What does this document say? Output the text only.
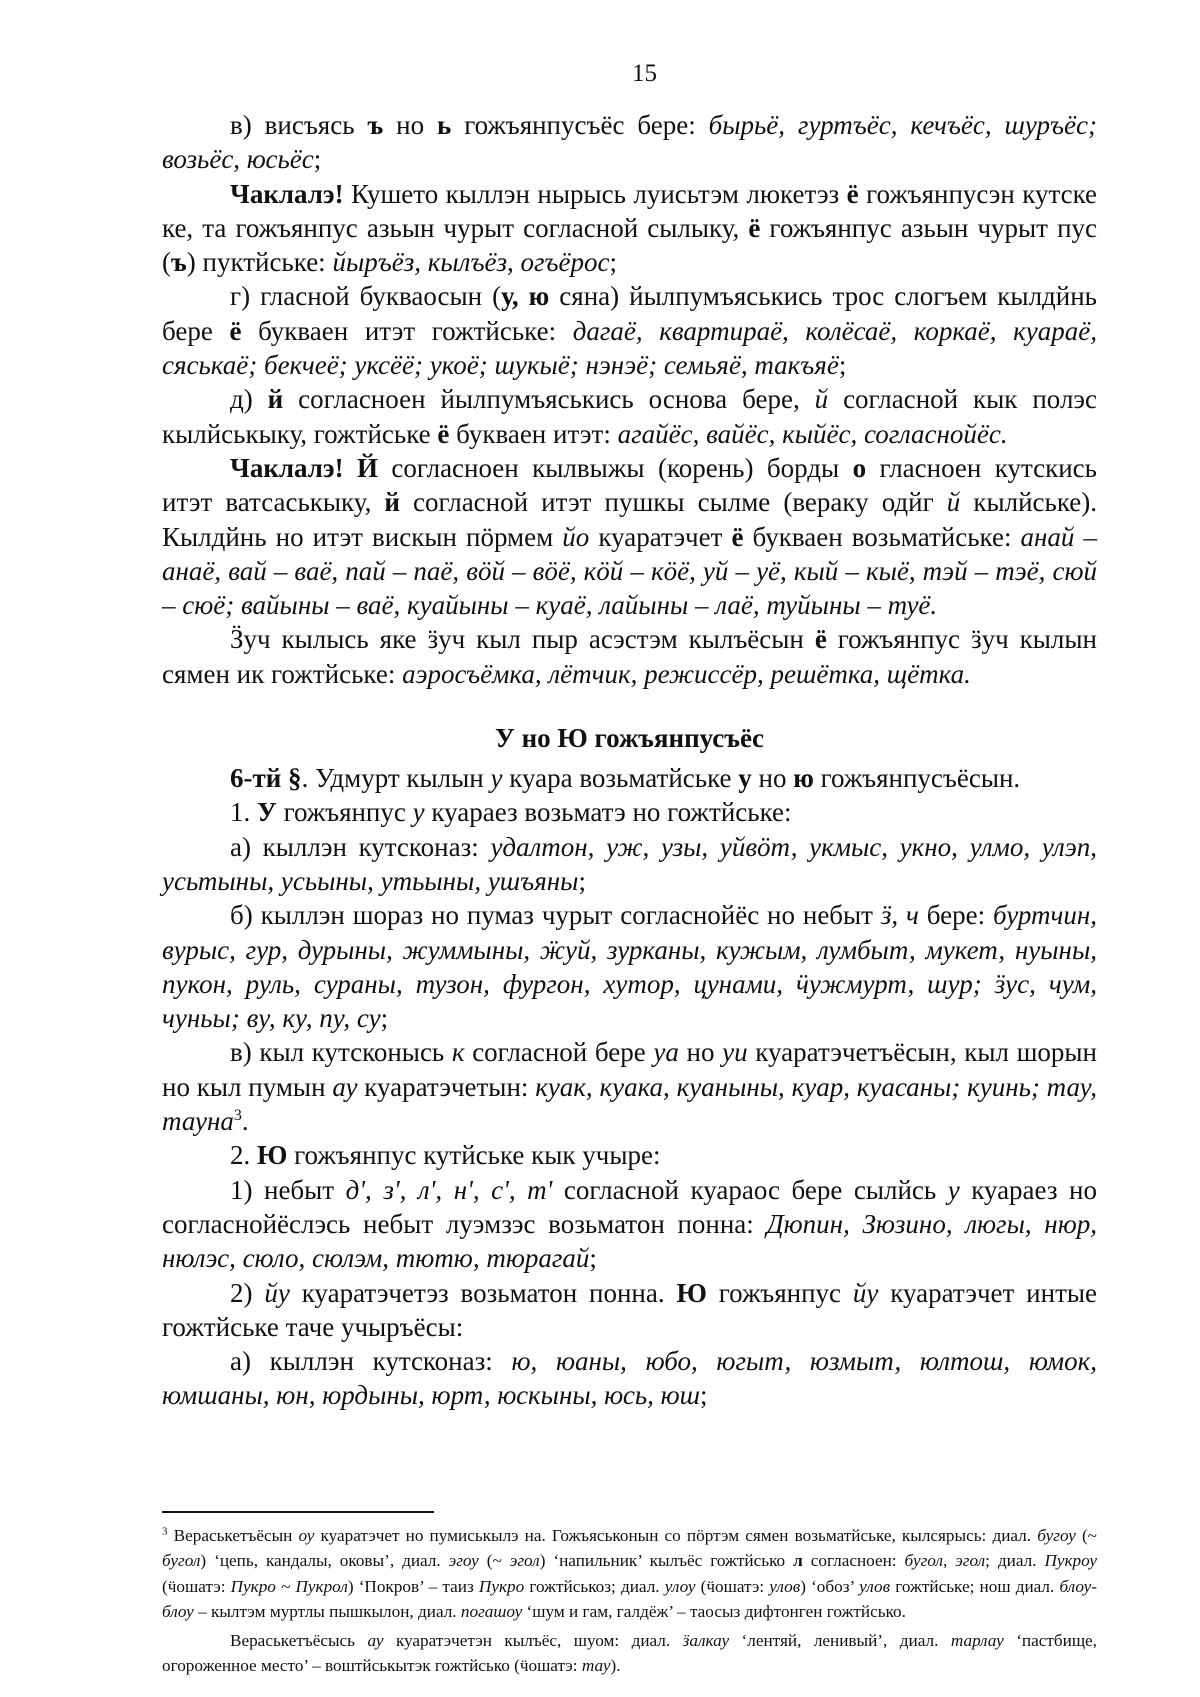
15

в) висъясь ъ но ь гожъянпусъёс бере: бырьё, гуртъёс, кечъёс, шуръёс; возьёс, юсьёс;

Чаклалэ! Кушето кыллэн нырысь луисьтэм люкетэз ё гожъянпусэн кутске ке, та гожъянпус азьын чурыт согласной сылыку, ё гожъянпус азьын чурыт пус (ъ) пуктйське: йыръёз, кылъёз, огъёрос;

г) гласной букваосын (у, ю сяна) йылпумъяськись трос слогъем кылдйнь бере ё букваен итэт гожтйське: дагаё, квартираё, колёсаё, коркаё, куараё, сяськаё; бекчеё; уксёё; укоё; шукыё; нэнэё; семьяё, такъяё;

д) й согласноен йылпумъяськись основа бере, й согласной кык полэс кылйськыку, гожтйське ё букваен итэт: агайёс, вайёс, кыйёс, согласнойёс.

Чаклалэ! Й согласноен кылвыжы (корень) борды о гласноен кутскись итэт ватсаськыку, й согласной итэт пушкы сылме (вераку одйг й кылйське). Кылдйнь но итэт вискын пöрмем йо куаратэчет ё букваен возьматйське: анай – анаё, вай – ваё, пай – паё, вöй – вöё, кöй – кöё, уй – уё, кый – кыё, тэй – тэё, сюй – сюё; вайыны – ваё, куайыны – куаё, лайыны – лаё, туйыны – туё.

Ӟуч кылысь яке ӟуч кыл пыр асэстэм кылъёсын ё гожъянпус ӟуч кылын сямен ик гожтйське: аэросъёмка, лётчик, режиссёр, решётка, щётка.

У но Ю гожъянпусъёс

6-тй §. Удмурт кылын у куара возьматйське у но ю гожъянпусъёсын.

1. У гожъянпус у куараез возьматэ но гожтйське:

а) кыллэн кутсконаз: удалтон, уж, узы, уйвöт, укмыс, укно, улмо, улэп, усьтыны, усьыны, утьыны, ушъяны;

б) кыллэн шораз но пумаз чурыт согласнойёс но небыт ӟ, ч бере: буртчин, вурыс, гур, дурыны, жуммыны, ӝуй, зурканы, кужым, лумбыт, мукет, нуыны, пукон, руль, сураны, тузон, фургон, хутор, цунами, ӵужмурт, шур; ӟус, чум, чуньы; ву, ку, пу, су;

в) кыл кутсконысь к согласной бере уа но уи куаратэчетъёсын, кыл шорын но кыл пумын ау куаратэчетын: куак, куака, куаныны, куар, куасаны; куинь; тау, тауна$^3$.

2. Ю гожъянпус кутйське кык учыре:

1) небыт д', з', л', н', с', т' согласной куараос бере сылйсь у куараез но согласнойёслэсь небыт луэмзэс возьматон понна: Дюпин, Зюзино, люгы, нюр, нюлэс, сюло, сюлэм, тютю, тюрагай;

2) йу куаратэчетэз возьматон понна. Ю гожъянпус йу куаратэчет интые гожтйське таче учыръёсы:

а) кыллэн кутсконаз: ю, юаны, юбо, югыт, юзмыт, юлтош, юмок, юмшаны, юн, юрдыны, юрт, юскыны, юсь, юш;

$^3$ Вераськетъёсын оу куаратэчет но пумиськылэ на. Гожъяськонын со пöртэм сямен возьматйське, кылсярысь: диал. бугоу (~ бугол) ‘цепь, кандалы, оковы’, диал. эгоу (~ эгол) ‘напильник’ кылъёс гожтйсько л согласноен: бугол, эгол; диал. Пукроу (ӵошатэ: Пукро ~ Пукрол) ‘Покров’ – таиз Пукро гожтйськоз; диал. улоу (ӵошатэ: улов) ‘обоз’ улов гожтйське; нош диал. блоу-блоу – кылтэм муртлы пышкылон, диал. погашоу ‘шум и гам, галдёж’ – таосыз дифтонген гожтйсько.

Вераськетъёсысь ау куаратэчетэн кылъёс, шуом: диал. ӟалкау ‘лентяй, ленивый’, диал. тарлау ‘пастбище, огороженное место’ – воштйськытэк гожтйсько (ӵошатэ: тау).
